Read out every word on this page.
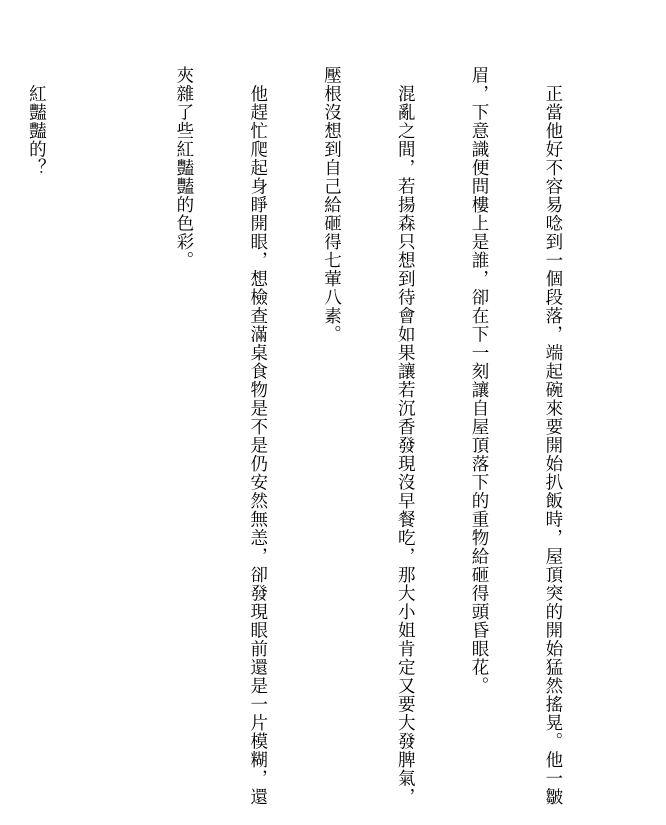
　正當他好不容易唸到一個段落，端起碗來要開始扒飯時，屋頂突的開始猛然搖晃。他一皺

眉，下意識便問樓上是誰，卻在下一刻讓自屋頂落下的重物給砸得頭昏眼花。

　混亂之間，若揚森只想到待會如果讓若沉香發現沒早餐吃，那大小姐肯定又要大發脾氣，

壓根沒想到自己給砸得七葷八素。

　他趕忙爬起身睜開眼，想檢查滿桌食物是不是仍安然無恙，卻發現眼前還是一片模糊，還

夾雜了些紅豔豔的色彩。

　紅豔豔的？
